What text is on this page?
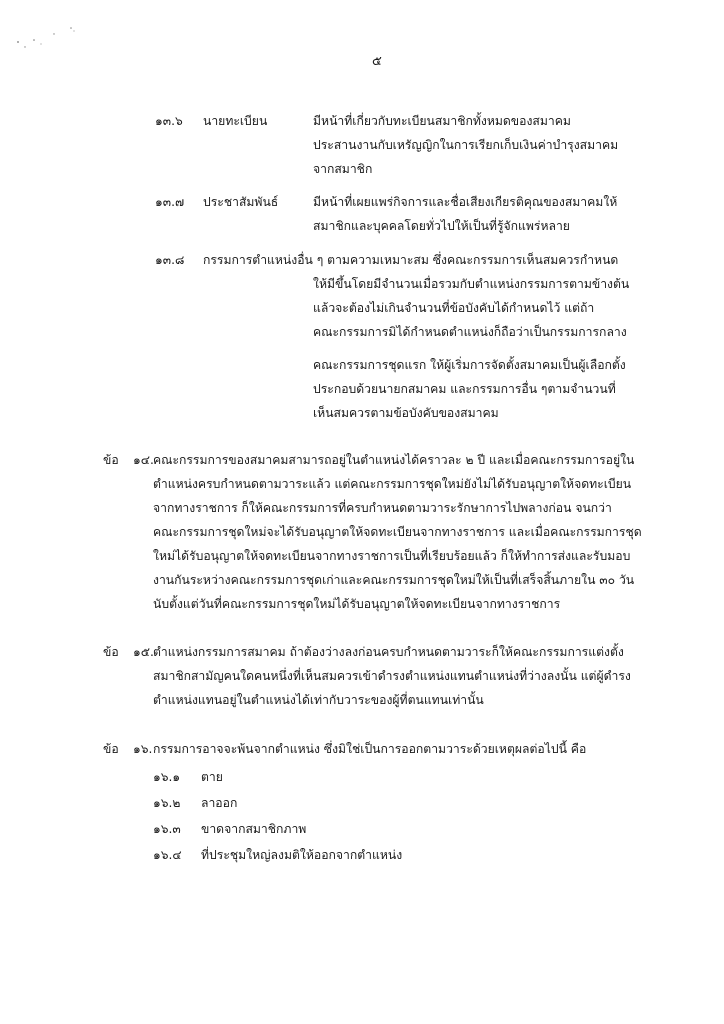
๕
๑๓.๖ นายทะเบียน	มีหน้าที่เกี่ยวกับทะเบียนสมาชิกทั้งหมดของสมาคม
ประสานงานกับเหรัญญิกในการเรียกเก็บเงินค่าบำรุงสมาคม
จากสมาชิก
๑๓.๗ ประชาสัมพันธ์	มีหน้าที่เผยแพร่กิจการและชื่อเสียงเกียรติคุณของสมาคมให้
สมาชิกและบุคคลโดยทั่วไปให้เป็นที่รู้จักแพร่หลาย
๑๓.๘ กรรมการตำแหน่งอื่น ๆ ตามความเหมาะสม ซึ่งคณะกรรมการเห็นสมควรกำหนด
ให้มีขึ้นโดยมีจำนวนเมื่อรวมกับตำแหน่งกรรมการตามข้างต้น
แล้วจะต้องไม่เกินจำนวนที่ข้อบังคับได้กำหนดไว้ แต่ถ้า
คณะกรรมการมิได้กำหนดตำแหน่งก็ถือว่าเป็นกรรมการกลาง
คณะกรรมการชุดแรก ให้ผู้เริ่มการจัดตั้งสมาคมเป็นผู้เลือกตั้ง
ประกอบด้วยนายกสมาคม และกรรมการอื่น ๆตามจำนวนที่
เห็นสมควรตามข้อบังคับของสมาคม
ข้อ ๑๔. คณะกรรมการของสมาคมสามารถอยู่ในตำแหน่งได้คราวละ ๒ ปี และเมื่อคณะกรรมการอยู่ใน
ตำแหน่งครบกำหนดตามวาระแล้ว แต่คณะกรรมการชุดใหม่ยังไม่ได้รับอนุญาตให้จดทะเบียน
จากทางราชการ ก็ให้คณะกรรมการที่ครบกำหนดตามวาระรักษาการไปพลางก่อน จนกว่า
คณะกรรมการชุดใหม่จะได้รับอนุญาตให้จดทะเบียนจากทางราชการ และเมื่อคณะกรรมการชุด
ใหม่ได้รับอนุญาตให้จดทะเบียนจากทางราชการเป็นที่เรียบร้อยแล้ว ก็ให้ทำการส่งและรับมอบ
งานกันระหว่างคณะกรรมการชุดเก่าและคณะกรรมการชุดใหม่ให้เป็นที่เสร็จสิ้นภายใน ๓๐ วัน
นับตั้งแต่วันที่คณะกรรมการชุดใหม่ได้รับอนุญาตให้จดทะเบียนจากทางราชการ
ข้อ ๑๕. ตำแหน่งกรรมการสมาคม ถ้าต้องว่างลงก่อนครบกำหนดตามวาระก็ให้คณะกรรมการแต่งตั้ง
สมาชิกสามัญคนใดคนหนึ่งที่เห็นสมควรเข้าดำรงตำแหน่งแทนตำแหน่งที่ว่างลงนั้น แต่ผู้ดำรง
ตำแหน่งแทนอยู่ในตำแหน่งได้เท่ากับวาระของผู้ที่ตนแทนเท่านั้น
ข้อ ๑๖. กรรมการอาจจะพ้นจากตำแหน่ง ซึ่งมิใช่เป็นการออกตามวาระด้วยเหตุผลต่อไปนี้ คือ
๑๖.๑ ตาย
๑๖.๒ ลาออก
๑๖.๓ ขาดจากสมาชิกภาพ
๑๖.๔ ที่ประชุมใหญ่ลงมติให้ออกจากตำแหน่ง
